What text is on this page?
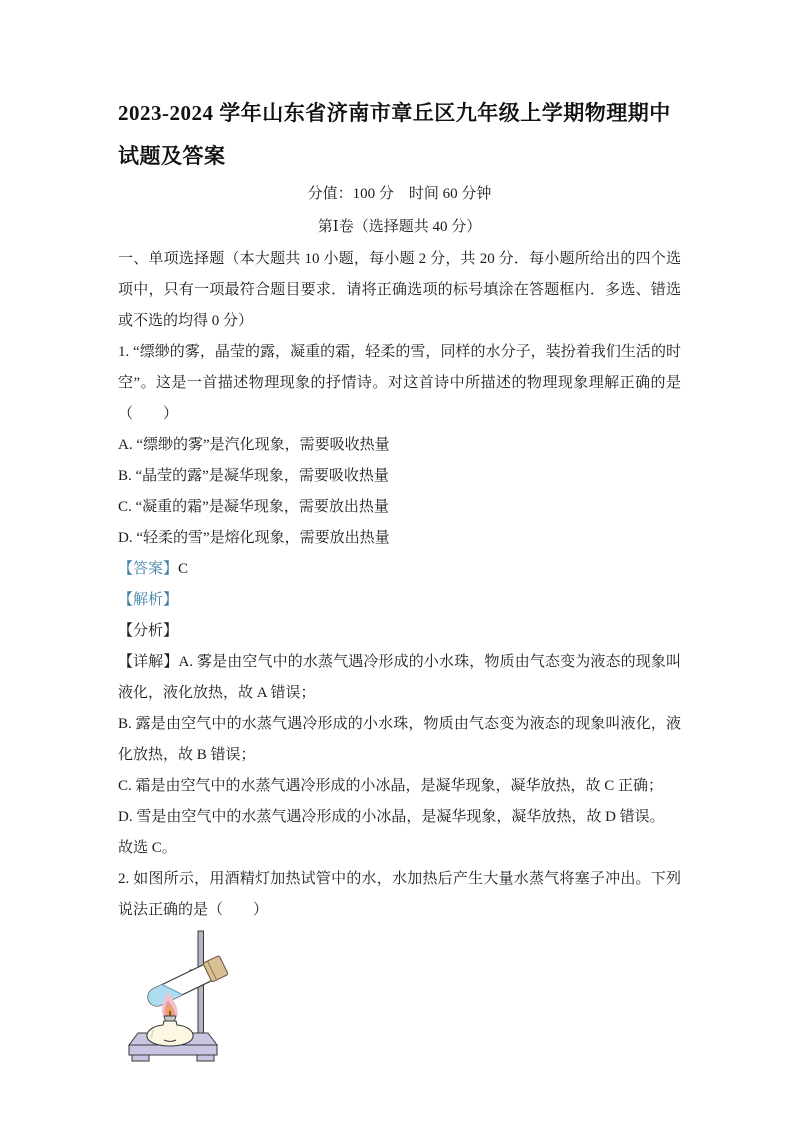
2023-2024 学年山东省济南市章丘区九年级上学期物理期中
试题及答案

分值：100 分　时间 60 分钟

第Ⅰ卷（选择题共 40 分）

一、单项选择题（本大题共 10 小题，每小题 2 分，共 20 分．每小题所给出的四个选项中，只有一项最符合题目要求．请将正确选项的标号填涂在答题框内．多选、错选或不选的均得 0 分）

1. “缥缈的雾，晶莹的露，凝重的霜，轻柔的雪，同样的水分子，装扮着我们生活的时空”。这是一首描述物理现象的抒情诗。对这首诗中所描述的物理现象理解正确的是（　　）

A. “缥缈的雾”是汽化现象，需要吸收热量

B. “晶莹的露”是凝华现象，需要吸收热量

C. “凝重的霜”是凝华现象，需要放出热量

D. “轻柔的雪”是熔化现象，需要放出热量

【答案】C

【解析】

【分析】

【详解】A. 雾是由空气中的水蒸气遇冷形成的小水珠，物质由气态变为液态的现象叫液化，液化放热，故 A 错误；

B. 露是由空气中的水蒸气遇冷形成的小水珠，物质由气态变为液态的现象叫液化，液化放热，故 B 错误；

C. 霜是由空气中的水蒸气遇冷形成的小冰晶，是凝华现象，凝华放热，故 C 正确；

D. 雪是由空气中的水蒸气遇冷形成的小冰晶，是凝华现象，凝华放热，故 D 错误。

故选 C。

2. 如图所示，用酒精灯加热试管中的水，水加热后产生大量水蒸气将塞子冲出。下列说法正确的是（　　）
